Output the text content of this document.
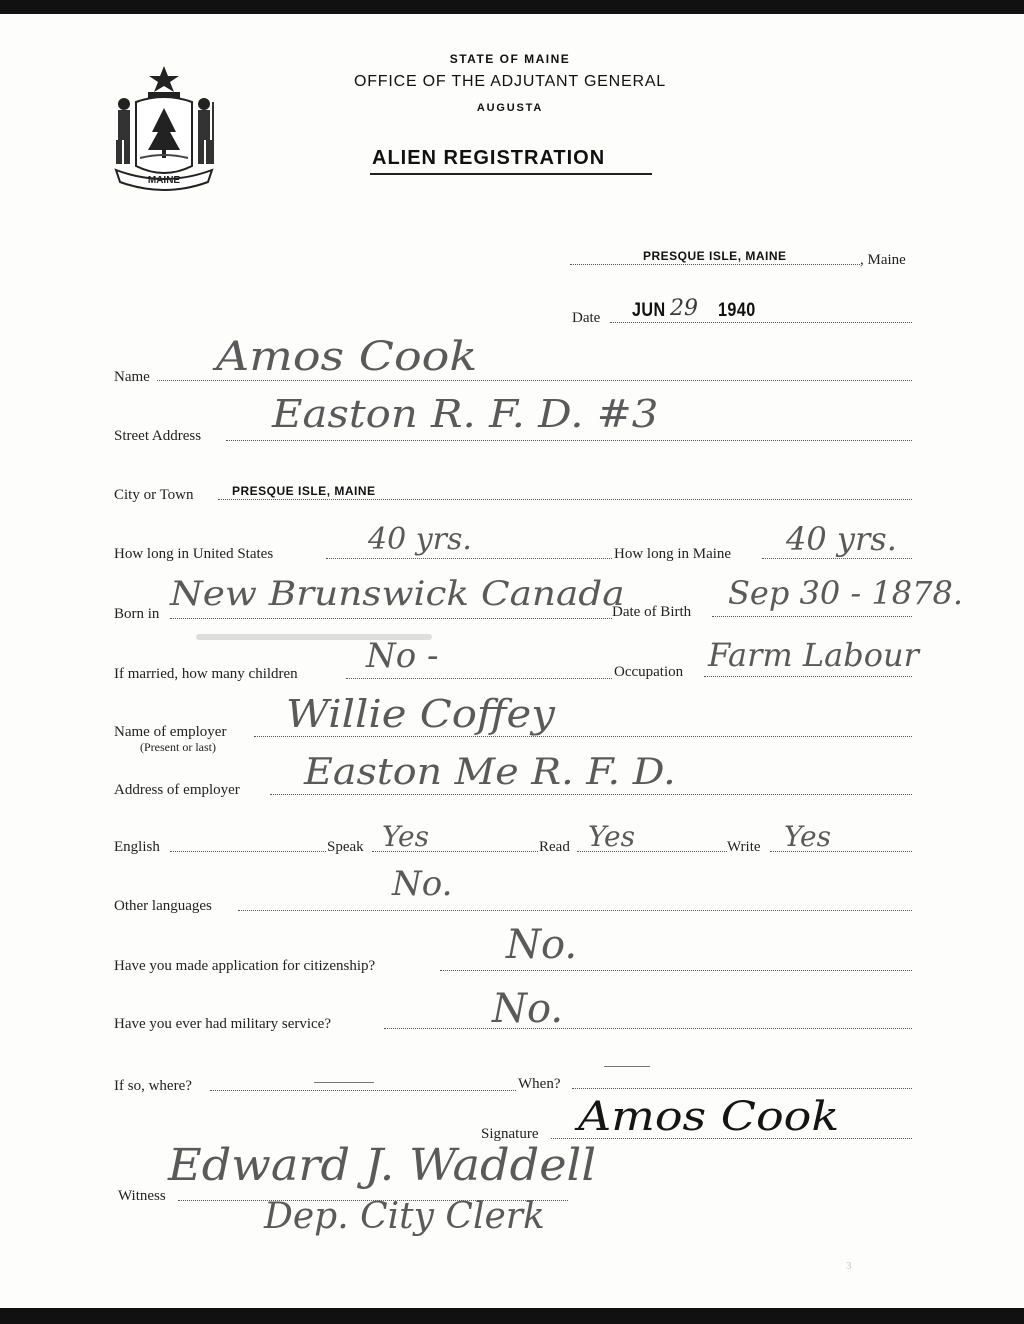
MAINE
STATE OF MAINE
OFFICE OF THE ADJUTANT GENERAL
AUGUSTA
ALIEN REGISTRATION
PRESQUE ISLE, MAINE	, Maine
Date JUN 29 1940
Name Amos Cook
Street Address Easton R. F. D. #3
City or Town	PRESQUE ISLE, MAINE
How long in United States	40 yrs.	How long in Maine 40 yrs.
Born in New Brunswick Canada
Date of Birth Sep 30 - 1878.
If married, how many children No -	Occupation Farm Labour
Name of employer
(Present or last)
Willie Coffey
Address of employer Easton Me R. F. D.
English	Speak Yes	Read Yes	Write Yes
Other languages
No.
Have you made application for citizenship?	No.
Have you ever had military service?	No.
If so, where?	When?
Signature Amos Cook
Witness
Edward J. Waddell
Dep. City Clerk
3
